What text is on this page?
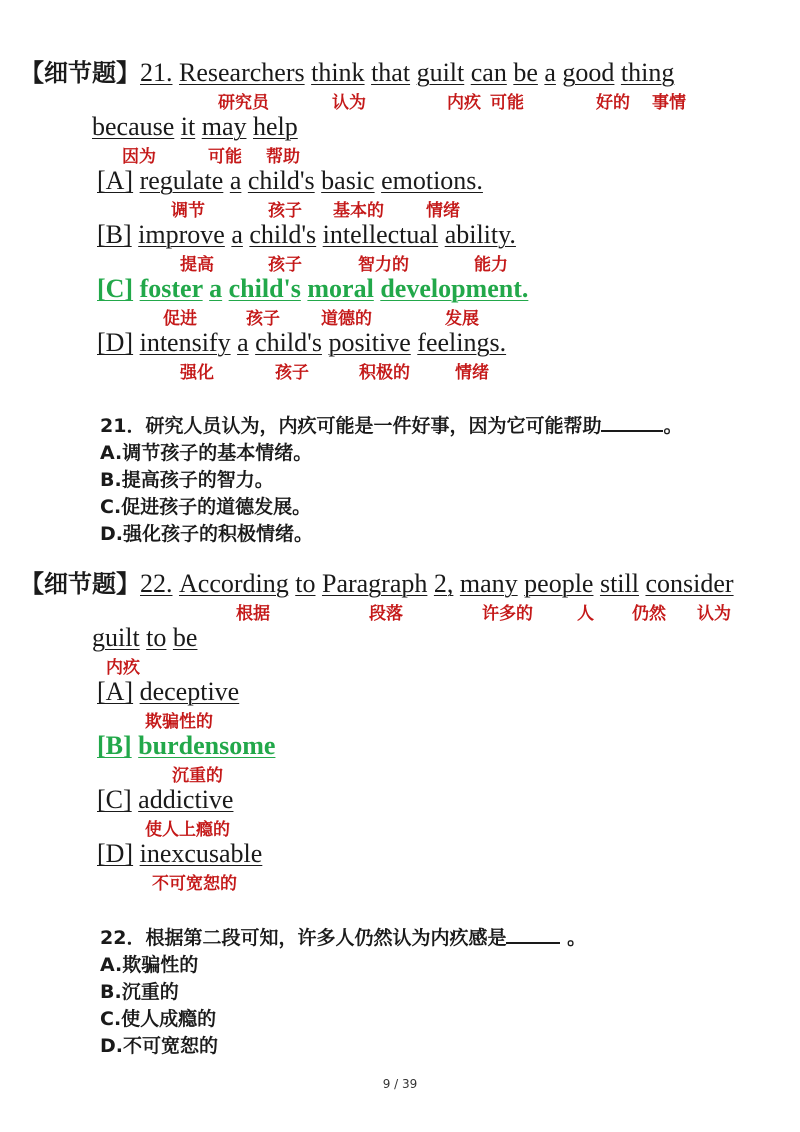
【细节题】21. Researchers think that guilt can be a good thing
研究员	认为	内疚 可能	好的 事情
because it may help
因为	可能 帮助
[A] regulate a child's basic emotions.
调节	孩子 基本的 情绪
[B] improve a child's intellectual ability.
提高	孩子	智力的	能力
[C] foster a child's moral development.
促进	孩子 道德的	发展
[D] intensify a child's positive feelings.
强化	孩子	积极的	情绪
21．研究人员认为，内疚可能是一件好事，因为它可能帮助	。
A.调节孩子的基本情绪。
B.提高孩子的智力。
C.促进孩子的道德发展。
D.强化孩子的积极情绪。
【细节题】22. According to Paragraph 2, many people still consider
根据	段落	许多的	人 仍然 认为
guilt to be
内疚
[A] deceptive
欺骗性的
[B] burdensome
沉重的
[C] addictive
使人上瘾的
[D] inexcusable
不可宽恕的
22．根据第二段可知，许多人仍然认为内疚感是	。
A.欺骗性的
B.沉重的
C.使人成瘾的
D.不可宽恕的
9 / 39
